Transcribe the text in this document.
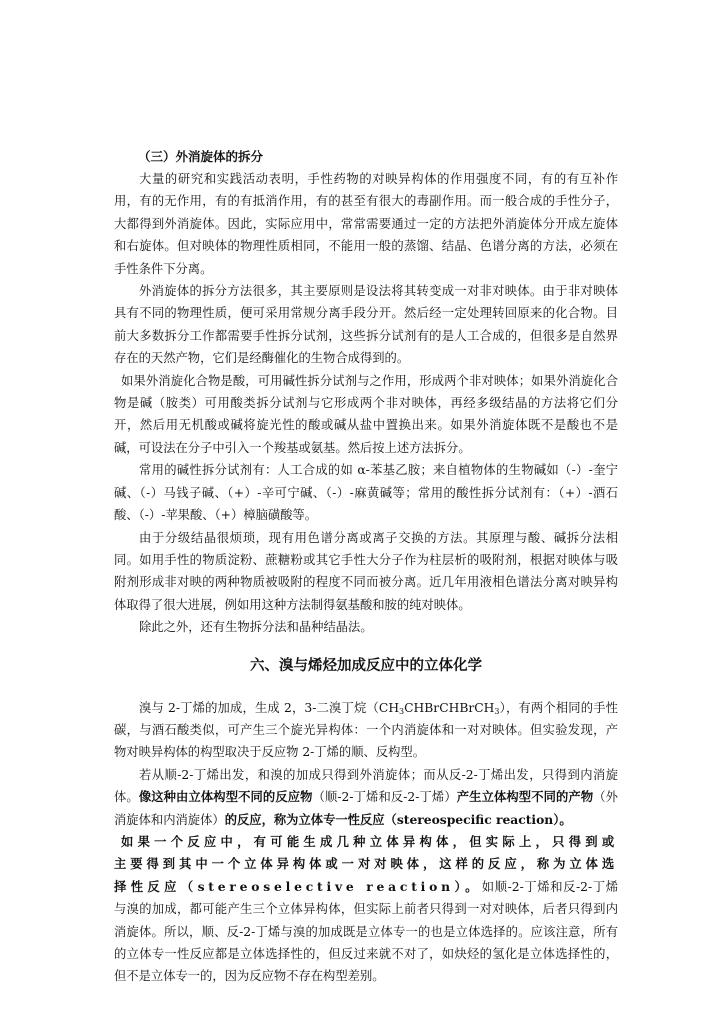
（三）外消旋体的拆分

大量的研究和实践活动表明，手性药物的对映异构体的作用强度不同，有的有互补作用，有的无作用，有的有抵消作用，有的甚至有很大的毒副作用。而一般合成的手性分子，大都得到外消旋体。因此，实际应用中，常常需要通过一定的方法把外消旋体分开成左旋体和右旋体。但对映体的物理性质相同，不能用一般的蒸馏、结晶、色谱分离的方法，必须在手性条件下分离。

外消旋体的拆分方法很多，其主要原则是设法将其转变成一对非对映体。由于非对映体具有不同的物理性质，便可采用常规分离手段分开。然后经一定处理转回原来的化合物。目前大多数拆分工作都需要手性拆分试剂，这些拆分试剂有的是人工合成的，但很多是自然界存在的天然产物，它们是经酶催化的生物合成得到的。

如果外消旋化合物是酸，可用碱性拆分试剂与之作用，形成两个非对映体；如果外消旋化合物是碱（胺类）可用酸类拆分试剂与它形成两个非对映体，再经多级结晶的方法将它们分开，然后用无机酸或碱将旋光性的酸或碱从盐中置换出来。如果外消旋体既不是酸也不是碱，可设法在分子中引入一个羧基或氨基。然后按上述方法拆分。

常用的碱性拆分试剂有：人工合成的如 α-苯基乙胺；来自植物体的生物碱如（-）-奎宁碱、（-）马钱子碱、（+）-辛可宁碱、（-）-麻黄碱等；常用的酸性拆分试剂有：（+）-酒石酸、（-）-苹果酸、（+）樟脑磺酸等。

由于分级结晶很烦琐，现有用色谱分离或离子交换的方法。其原理与酸、碱拆分法相同。如用手性的物质淀粉、蔗糖粉或其它手性大分子作为柱层析的吸附剂，根据对映体与吸附剂形成非对映的两种物质被吸附的程度不同而被分离。近几年用液相色谱法分离对映异构体取得了很大进展，例如用这种方法制得氨基酸和胺的纯对映体。

除此之外，还有生物拆分法和晶种结晶法。

六、溴与烯烃加成反应中的立体化学

溴与 2-丁烯的加成，生成 2，3-二溴丁烷$(CH_3CHBrCHBrCH_3)$，有两个相同的手性碳，与酒石酸类似，可产生三个旋光异构体：一个内消旋体和一对对映体。但实验发现，产物对映异构体的构型取决于反应物 2-丁烯的顺、反构型。

若从顺-2-丁烯出发，和溴的加成只得到外消旋体；而从反-2-丁烯出发，只得到内消旋体。像这种由立体构型不同的反应物（顺-2-丁烯和反-2-丁烯）产生立体构型不同的产物（外消旋体和内消旋体）的反应，称为立体专一性反应（stereospecific reaction）。

如果一个反应中，有可能生成几种立体异构体，但实际上，只得到或主要得到其中一个立体异构体或一对对映体，这样的反应，称为立体选择性反应（stereoselective reaction）。如顺-2-丁烯和反-2-丁烯与溴的加成，都可能产生三个立体异构体，但实际上前者只得到一对对映体，后者只得到内消旋体。所以，顺、反-2-丁烯与溴的加成既是立体专一的也是立体选择的。应该注意，所有的立体专一性反应都是立体选择性的，但反过来就不对了，如炔烃的氢化是立体选择性的，但不是立体专一的，因为反应物不存在构型差别。
